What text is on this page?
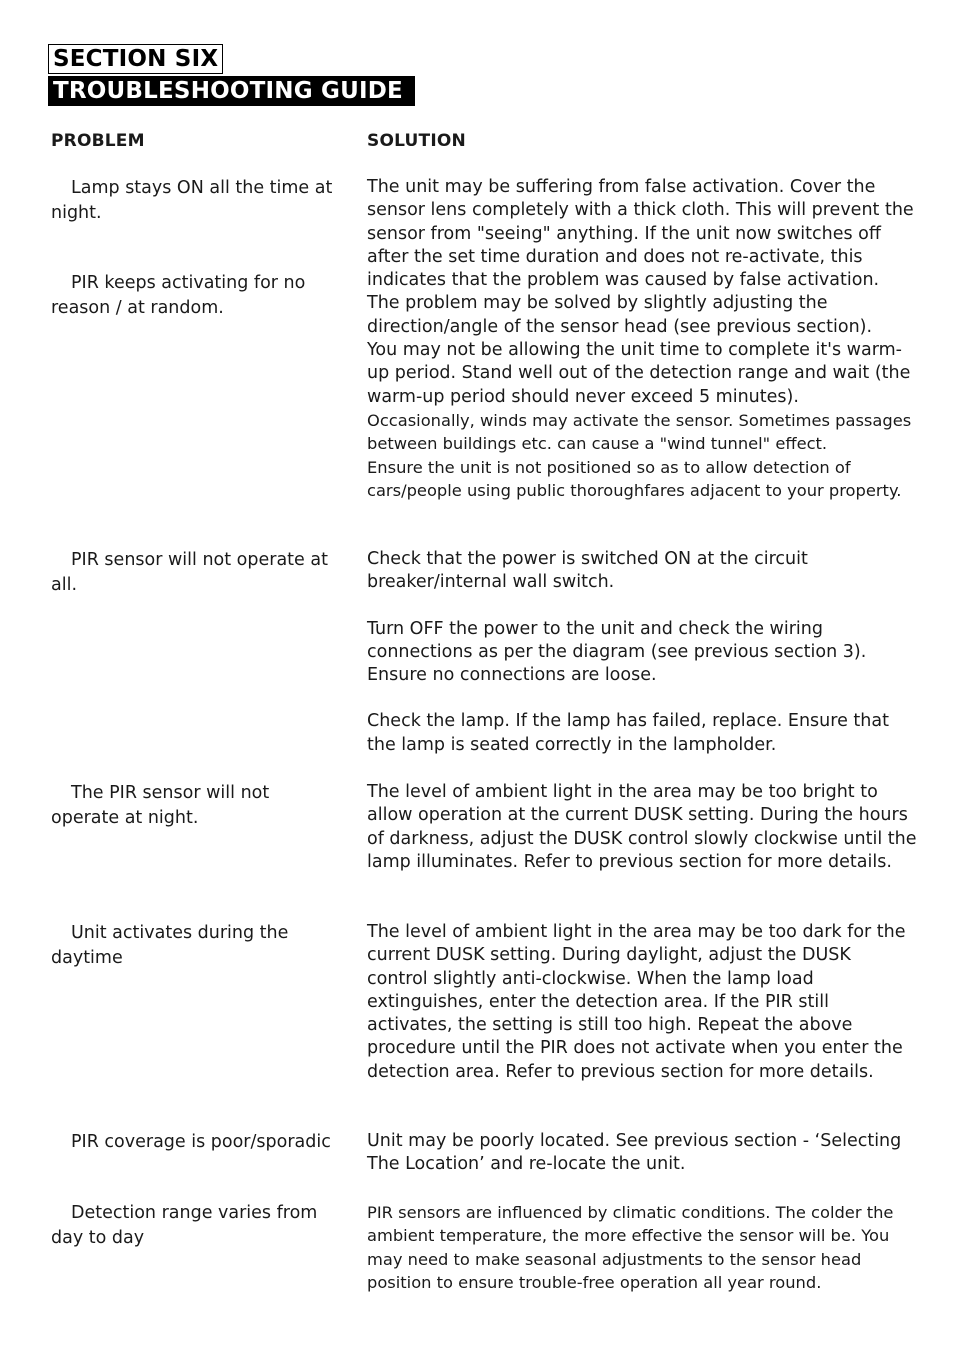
SECTION SIX
TROUBLESHOOTING GUIDE
PROBLEM	SOLUTION
Lamp stays ON all the time at night.
PIR keeps activating for no reason / at random.

The unit may be suffering from false activation. Cover the sensor lens completely with a thick cloth. This will prevent the sensor from "seeing" anything. If the unit now switches off after the set time duration and does not re-activate, this indicates that the problem was caused by false activation. The problem may be solved by slightly adjusting the direction/angle of the sensor head (see previous section).

You may not be allowing the unit time to complete it's warm-up period. Stand well out of the detection range and wait (the warm-up period should never exceed 5 minutes).

Occasionally, winds may activate the sensor. Sometimes passages between buildings etc. can cause a "wind tunnel" effect.

Ensure the unit is not positioned so as to allow detection of cars/people using public thoroughfares adjacent to your property.

PIR sensor will not operate at all.

Check that the power is switched ON at the circuit breaker/internal wall switch.

Turn OFF the power to the unit and check the wiring connections as per the diagram (see previous section 3). Ensure no connections are loose.

Check the lamp. If the lamp has failed, replace. Ensure that the lamp is seated correctly in the lampholder.

The PIR sensor will not operate at night.

The level of ambient light in the area may be too bright to allow operation at the current DUSK setting. During the hours of darkness, adjust the DUSK control slowly clockwise until the lamp illuminates. Refer to previous section for more details.

Unit activates during the daytime

The level of ambient light in the area may be too dark for the current DUSK setting. During daylight, adjust the DUSK control slightly anti-clockwise. When the lamp load extinguishes, enter the detection area. If the PIR still activates, the setting is still too high. Repeat the above procedure until the PIR does not activate when you enter the detection area. Refer to previous section for more details.

PIR coverage is poor/sporadic	Unit may be poorly located. See previous section - ‘Selecting The Location’ and re-locate the unit.

Detection range varies from day to day

PIR sensors are influenced by climatic conditions. The colder the ambient temperature, the more effective the sensor will be. You may need to make seasonal adjustments to the sensor head position to ensure trouble-free operation all year round.
